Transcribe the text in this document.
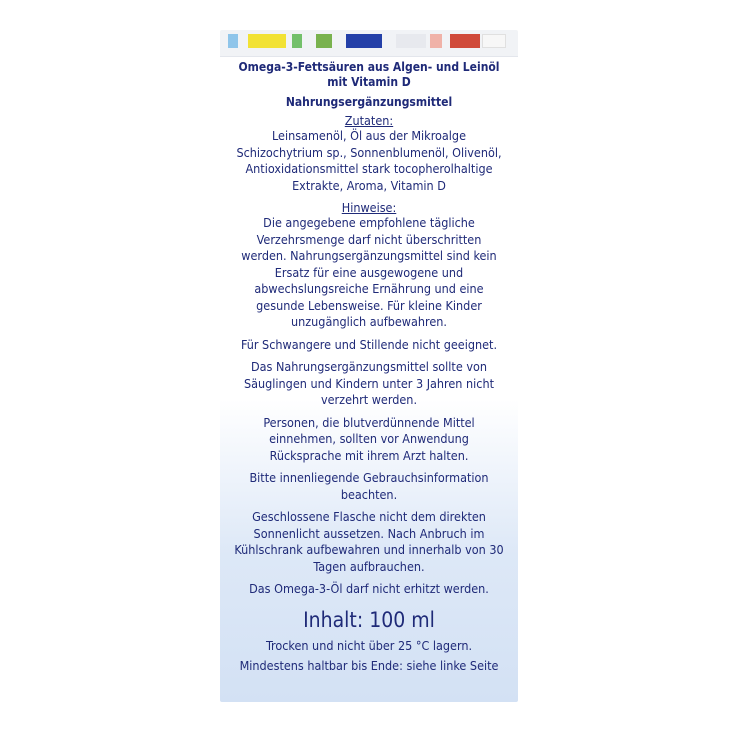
Omega-3-Fettsäuren aus Algen- und Leinöl mit Vitamin D
Nahrungsergänzungsmittel
Zutaten:
Leinsamenöl, Öl aus der Mikroalge Schizochytrium sp., Sonnenblumenöl, Olivenöl, Antioxidationsmittel stark tocopherolhaltige Extrakte, Aroma, Vitamin D
Hinweise:
Die angegebene empfohlene tägliche Verzehrsmenge darf nicht überschritten werden. Nahrungsergänzungsmittel sind kein Ersatz für eine ausgewogene und abwechslungsreiche Ernährung und eine gesunde Lebensweise. Für kleine Kinder unzugänglich aufbewahren.
Für Schwangere und Stillende nicht geeignet.
Das Nahrungsergänzungsmittel sollte von Säuglingen und Kindern unter 3 Jahren nicht verzehrt werden.
Personen, die blutverdünnende Mittel einnehmen, sollten vor Anwendung Rücksprache mit ihrem Arzt halten.
Bitte innenliegende Gebrauchsinformation beachten.
Geschlossene Flasche nicht dem direkten Sonnenlicht aussetzen. Nach Anbruch im Kühlschrank aufbewahren und innerhalb von 30 Tagen aufbrauchen.
Das Omega-3-Öl darf nicht erhitzt werden.
Inhalt: 100 ml
Trocken und nicht über 25 °C lagern.
Mindestens haltbar bis Ende: siehe linke Seite
